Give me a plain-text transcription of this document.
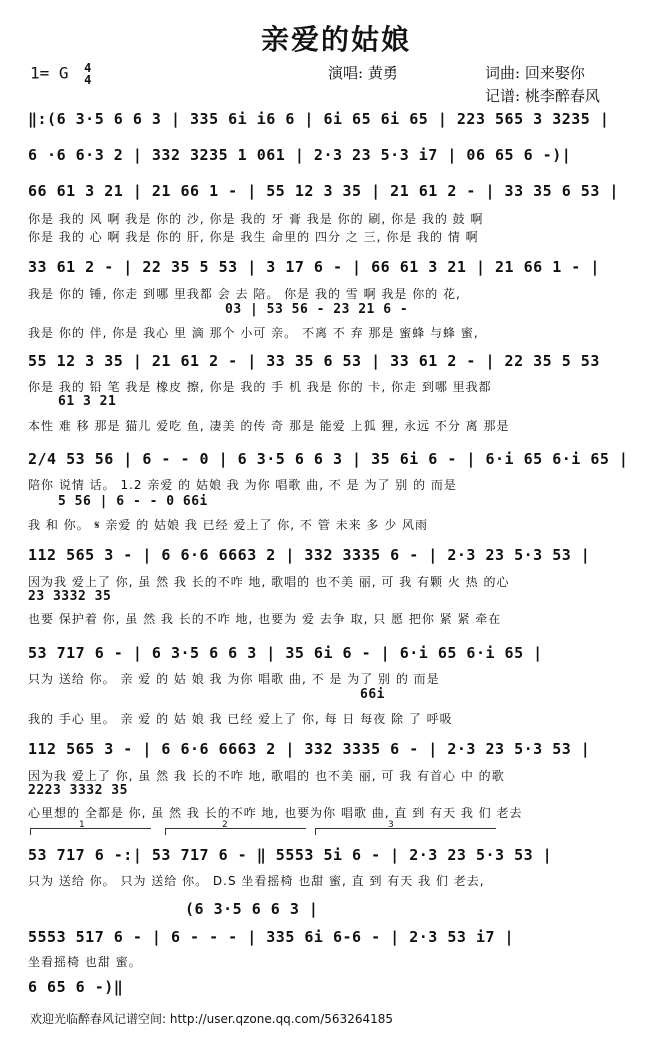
亲爱的姑娘
1= G 4
4	演唱: 黄勇	词曲: 回来娶你
记谱: 桃李醉春风
‖:(6 3·5 6 6 3 | 335 6i i6 6 | 6i 65 6i 65 | 223 565 3 3235 |
6 ·6 6·3 2 | 332 3235 1 061 | 2·3 23 5·3 i7 | 06 65 6 -)|
66 61 3 21 | 21 66 1 - | 55 12 3 35 | 21 61 2 - | 33 35 6 53 |
你是 我的 风 啊 我是 你的 沙, 你是 我的 牙 膏 我是 你的 刷, 你是 我的 鼓 啊
你是 我的 心 啊 我是 你的 肝, 你是 我生 命里的 四分 之 三, 你是 我的 情 啊
33 61 2 - | 22 35 5 53 | 3 17 6 - | 66 61 3 21 | 21 66 1 - |
我是 你的 锤, 你走 到哪 里我都 会 去 陪。 你是 我的 雪 啊 我是 你的 花,
03 | 53 56 - 23 21 6 -
我是 你的 伴, 你是 我心 里 滴 那个 小可 亲。 不离 不 弃 那是 蜜蜂 与蜂 蜜,
55 12 3 35 | 21 61 2 - | 33 35 6 53 | 33 61 2 - | 22 35 5 53
你是 我的 铅 笔 我是 橡皮 擦, 你是 我的 手 机 我是 你的 卡, 你走 到哪 里我都
61 3 21
本性 难 移 那是 猫儿 爱吃 鱼, 凄美 的传 奇 那是 能爱 上狐 狸, 永远 不分 离 那是
2/4 53 56 | 6 - - 0 | 6 3·5 6 6 3 | 35 6i 6 - | 6·i 65 6·i 65 |
陪你 说情 话。 1.2 亲爱 的 姑娘 我 为你 唱歌 曲, 不 是 为了 别 的 而是
5 56 | 6 - - 0 66i
我 和 你。 𝄋 亲爱 的 姑娘 我 已经 爱上了 你, 不 管 未来 多 少 风雨
112 565 3 - | 6 6·6 6663 2 | 332 3335 6 - | 2·3 23 5·3 53 |
因为我 爱上了 你, 虽 然 我 长的不咋 地, 歌唱的 也不美 丽, 可 我 有颗 火 热 的心
23 3332 35
也要 保护着 你, 虽 然 我 长的不咋 地, 也要为 爱 去争 取, 只 愿 把你 紧 紧 牵在
53 717 6 - | 6 3·5 6 6 3 | 35 6i 6 - | 6·i 65 6·i 65 |
只为 送给 你。 亲 爱 的 姑 娘 我 为你 唱歌 曲, 不 是 为了 别 的 而是
66i
我的 手心 里。 亲 爱 的 姑 娘 我 已经 爱上了 你, 每 日 每夜 除 了 呼吸
112 565 3 - | 6 6·6 6663 2 | 332 3335 6 - | 2·3 23 5·3 53 |
因为我 爱上了 你, 虽 然 我 长的不咋 地, 歌唱的 也不美 丽, 可 我 有首心 中 的歌
2223 3332 35
心里想的 全都是 你, 虽 然 我 长的不咋 地, 也要为你 唱歌 曲, 直 到 有天 我 们 老去
1	2	3
53 717 6 -:| 53 717 6 - ‖ 5553 5i 6 - | 2·3 23 5·3 53 |
只为 送给 你。 只为 送给 你。 D.S 坐看摇椅 也甜 蜜, 直 到 有天 我 们 老去,
(6 3·5 6 6 3 |
5553 517 6 - | 6 - - - | 335 6i 6-6 - | 2·3 53 i7 |
坐看摇椅 也甜 蜜。
6 65 6 -)‖
欢迎光临醉春风记谱空间: http://user.qzone.qq.com/563264185
